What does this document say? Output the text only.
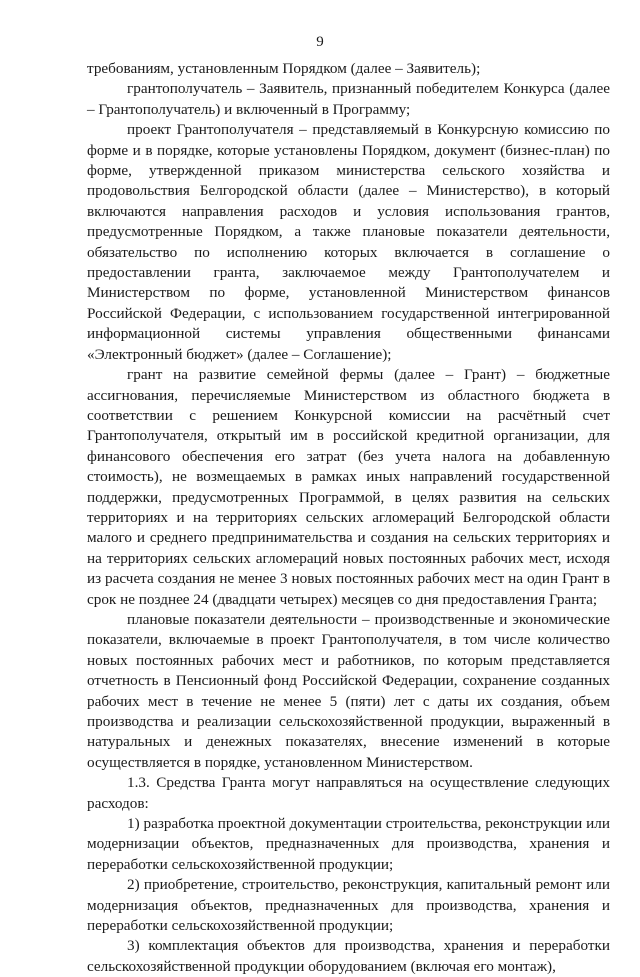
9

требованиям, установленным Порядком (далее – Заявитель);

грантополучатель – Заявитель, признанный победителем Конкурса (далее – Грантополучатель) и включенный в Программу;

проект Грантополучателя – представляемый в Конкурсную комиссию по форме и в порядке, которые установлены Порядком, документ (бизнес-план) по форме, утвержденной приказом министерства сельского хозяйства и продовольствия Белгородской области (далее – Министерство), в который включаются направления расходов и условия использования грантов, предусмотренные Порядком, а также плановые показатели деятельности, обязательство по исполнению которых включается в соглашение о предоставлении гранта, заключаемое между Грантополучателем и Министерством по форме, установленной Министерством финансов Российской Федерации, с использованием государственной интегрированной информационной системы управления общественными финансами «Электронный бюджет» (далее – Соглашение);

грант на развитие семейной фермы (далее – Грант) – бюджетные ассигнования, перечисляемые Министерством из областного бюджета в соответствии с решением Конкурсной комиссии на расчётный счет Грантополучателя, открытый им в российской кредитной организации, для финансового обеспечения его затрат (без учета налога на добавленную стоимость), не возмещаемых в рамках иных направлений государственной поддержки, предусмотренных Программой, в целях развития на сельских территориях и на территориях сельских агломераций Белгородской области малого и среднего предпринимательства и создания на сельских территориях и на территориях сельских агломераций новых постоянных рабочих мест, исходя из расчета создания не менее 3 новых постоянных рабочих мест на один Грант в срок не позднее 24 (двадцати четырех) месяцев со дня предоставления Гранта;

плановые показатели деятельности – производственные и экономические показатели, включаемые в проект Грантополучателя, в том числе количество новых постоянных рабочих мест и работников, по которым представляется отчетность в Пенсионный фонд Российской Федерации, сохранение созданных рабочих мест в течение не менее 5 (пяти) лет с даты их создания, объем производства и реализации сельскохозяйственной продукции, выраженный в натуральных и денежных показателях, внесение изменений в которые осуществляется в порядке, установленном Министерством.

1.3. Средства Гранта могут направляться на осуществление следующих расходов:

1) разработка проектной документации строительства, реконструкции или модернизации объектов, предназначенных для производства, хранения и переработки сельскохозяйственной продукции;

2) приобретение, строительство, реконструкция, капитальный ремонт или модернизация объектов, предназначенных для производства, хранения и переработки сельскохозяйственной продукции;

3) комплектация объектов для производства, хранения и переработки сельскохозяйственной продукции оборудованием (включая его монтаж),
